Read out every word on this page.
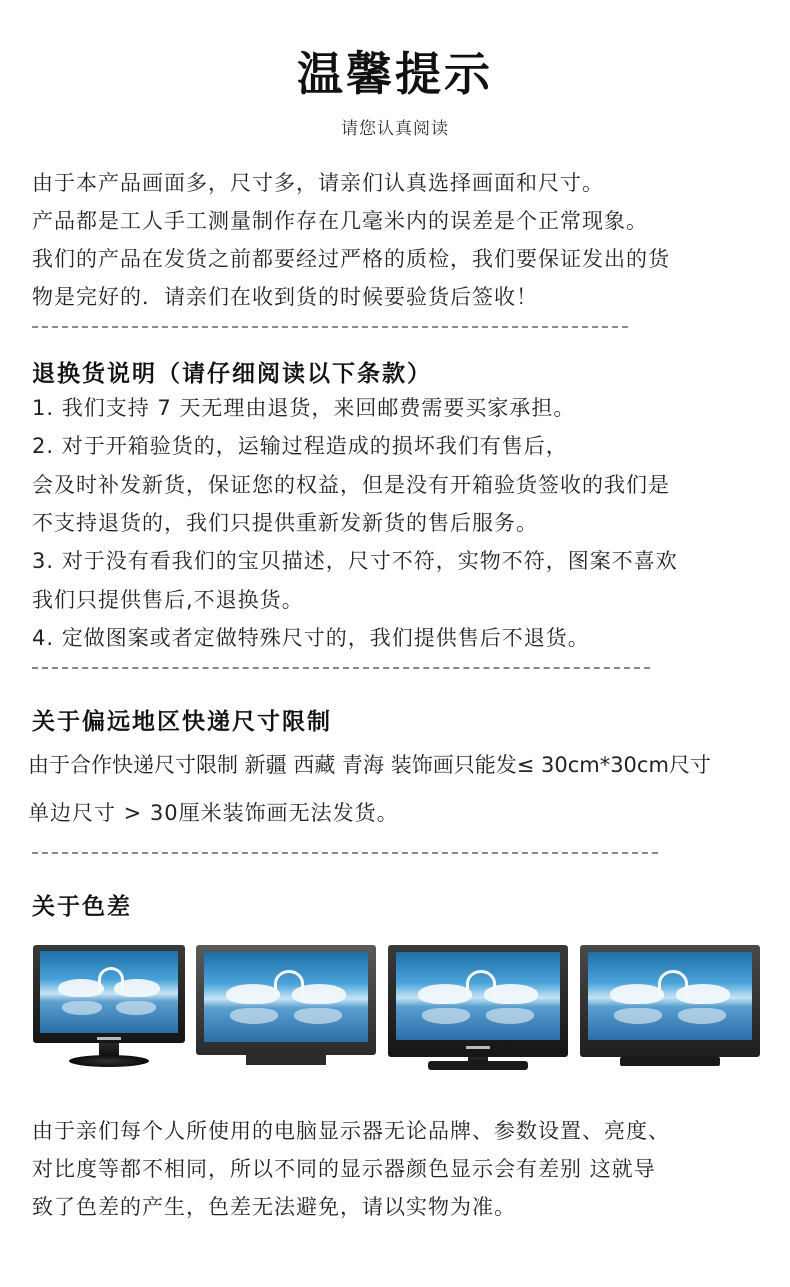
温馨提示
请您认真阅读
由于本产品画面多，尺寸多，请亲们认真选择画面和尺寸。
产品都是工人手工测量制作存在几毫米内的误差是个正常现象。
我们的产品在发货之前都要经过严格的质检，我们要保证发出的货
物是完好的．请亲们在收到货的时候要验货后签收！
退换货说明（请仔细阅读以下条款）
1. 我们支持 7 天无理由退货，来回邮费需要买家承担。
2. 对于开箱验货的，运输过程造成的损坏我们有售后，
会及时补发新货，保证您的权益，但是没有开箱验货签收的我们是
不支持退货的，我们只提供重新发新货的售后服务。
3. 对于没有看我们的宝贝描述，尺寸不符，实物不符，图案不喜欢
我们只提供售后,不退换货。
4. 定做图案或者定做特殊尺寸的，我们提供售后不退货。
关于偏远地区快递尺寸限制
由于合作快递尺寸限制 新疆 西藏 青海 装饰画只能发≤ 30cm*30cm尺寸
单边尺寸 > 30厘米装饰画无法发货。
关于色差
由于亲们每个人所使用的电脑显示器无论品牌、参数设置、亮度、
对比度等都不相同，所以不同的显示器颜色显示会有差别 这就导
致了色差的产生，色差无法避免，请以实物为准。
